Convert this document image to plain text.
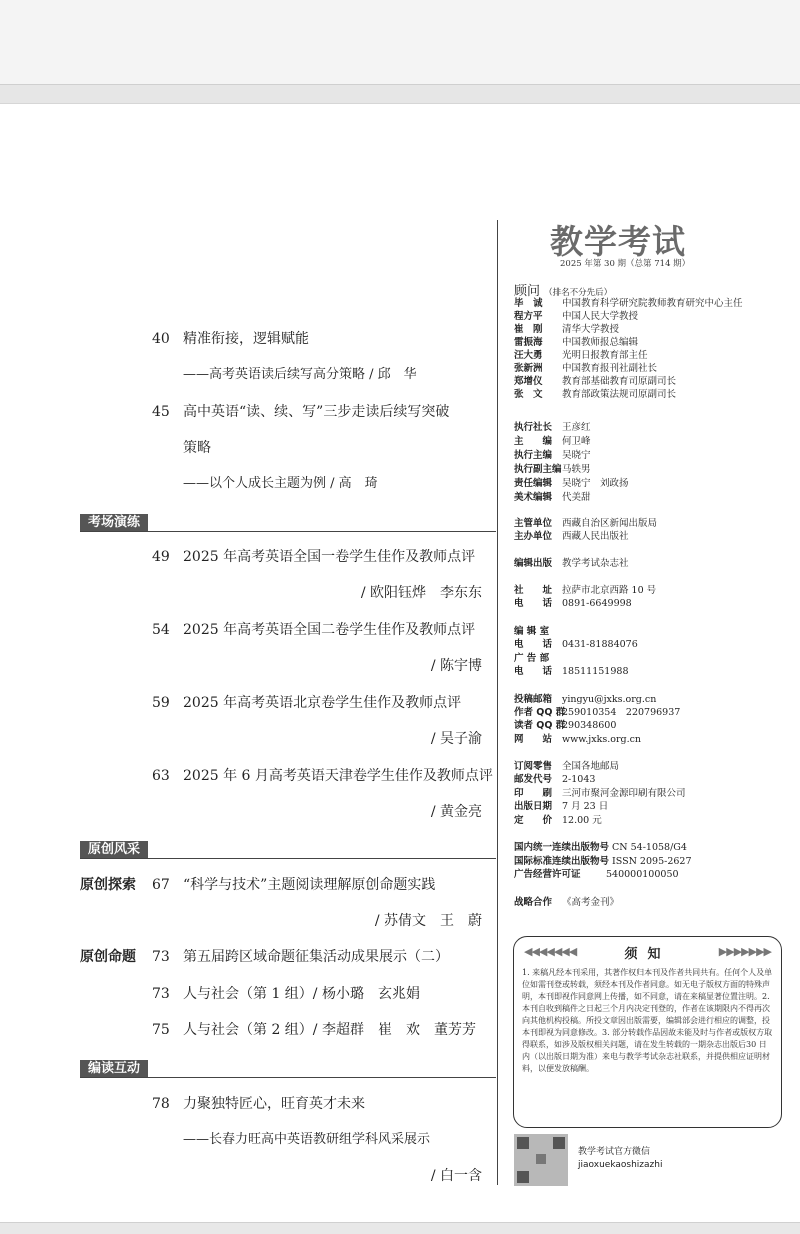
40 精准衔接，逻辑赋能
——高考英语读后续写高分策略 / 邱　华
45 高中英语“读、续、写”三步走读后续写突破
策略
——以个人成长主题为例 / 高　琦
考场演练
49 2025 年高考英语全国一卷学生佳作及教师点评
/ 欧阳钰烨　李东东
54 2025 年高考英语全国二卷学生佳作及教师点评
/ 陈宇博
59 2025 年高考英语北京卷学生佳作及教师点评
/ 吴子渝
63 2025 年 6 月高考英语天津卷学生佳作及教师点评
/ 黄金亮
原创风采
原创探索 67 “科学与技术”主题阅读理解原创命题实践
/ 苏倩文　王　蔚
原创命题 73 第五届跨区域命题征集活动成果展示（二）
73 人与社会（第 1 组）/ 杨小璐　玄兆娟
75 人与社会（第 2 组）/ 李超群　崔　欢　董芳芳
编读互动
78 力聚独特匠心，旺育英才未来
——长春力旺高中英语教研组学科风采展示
/ 白一含
教学考试
2025 年第 30 期（总第 714 期）
顾问 （排名不分先后）
毕　诚 中国教育科学研究院教师教育研究中心主任
程方平 中国人民大学教授
崔　刚 清华大学教授
雷振海 中国教师报总编辑
汪大勇 光明日报教育部主任
张新洲 中国教育报刊社副社长
郑增仪 教育部基础教育司原副司长
张　文 教育部政策法规司原副司长
执行社长 王彦红
主　　编 何卫峰
执行主编 吴晓宁
执行副主编马轶男
责任编辑 吴晓宁　刘政扬
美术编辑 代美甜
主管单位 西藏自治区新闻出版局
主办单位 西藏人民出版社
编辑出版 教学考试杂志社
社　　址 拉萨市北京西路 10 号
电　　话 0891-6649998
编 辑 室
电　　话 0431-81884076
广 告 部
电　　话 18511151988
投稿邮箱 yingyu@jxks.org.cn
作者 QQ 群259010354　220796937
读者 QQ 群290348600
网　　站 www.jxks.org.cn
订阅零售 全国各地邮局
邮发代号 2-1043
印　　刷 三河市聚河金源印刷有限公司
出版日期 7 月 23 日
定　　价 12.00 元
国内统一连续出版物号 CN 54-1058/G4
国际标准连续出版物号 ISSN 2095-2627
广告经营许可证	540000100050
战略合作 《高考金刊》
◀◀◀◀◀◀◀	须知	▶▶▶▶▶▶▶
1. 来稿凡经本刊采用，其著作权归本刊及作者共同共有。任何个人及单位如需刊登或转载，须经本刊及作者同意。如无电子版权方面的特殊声明，本刊即视作同意网上传播，如不同意，请在来稿显著位置注明。2. 本刊自收到稿件之日起三个月内决定刊登的，作者在该期限内不得再次向其他机构投稿。所投文章因出版需要，编辑部会进行相应的调整，投本刊即视为同意修改。3. 部分转载作品因故未能及时与作者或版权方取得联系，如涉及版权相关问题，请在发生转载的一期杂志出版后30 日内（以出版日期为准）来电与教学考试杂志社联系，并提供相应证明材料，以便发放稿酬。
教学考试官方微信
jiaoxuekaoshizazhi
